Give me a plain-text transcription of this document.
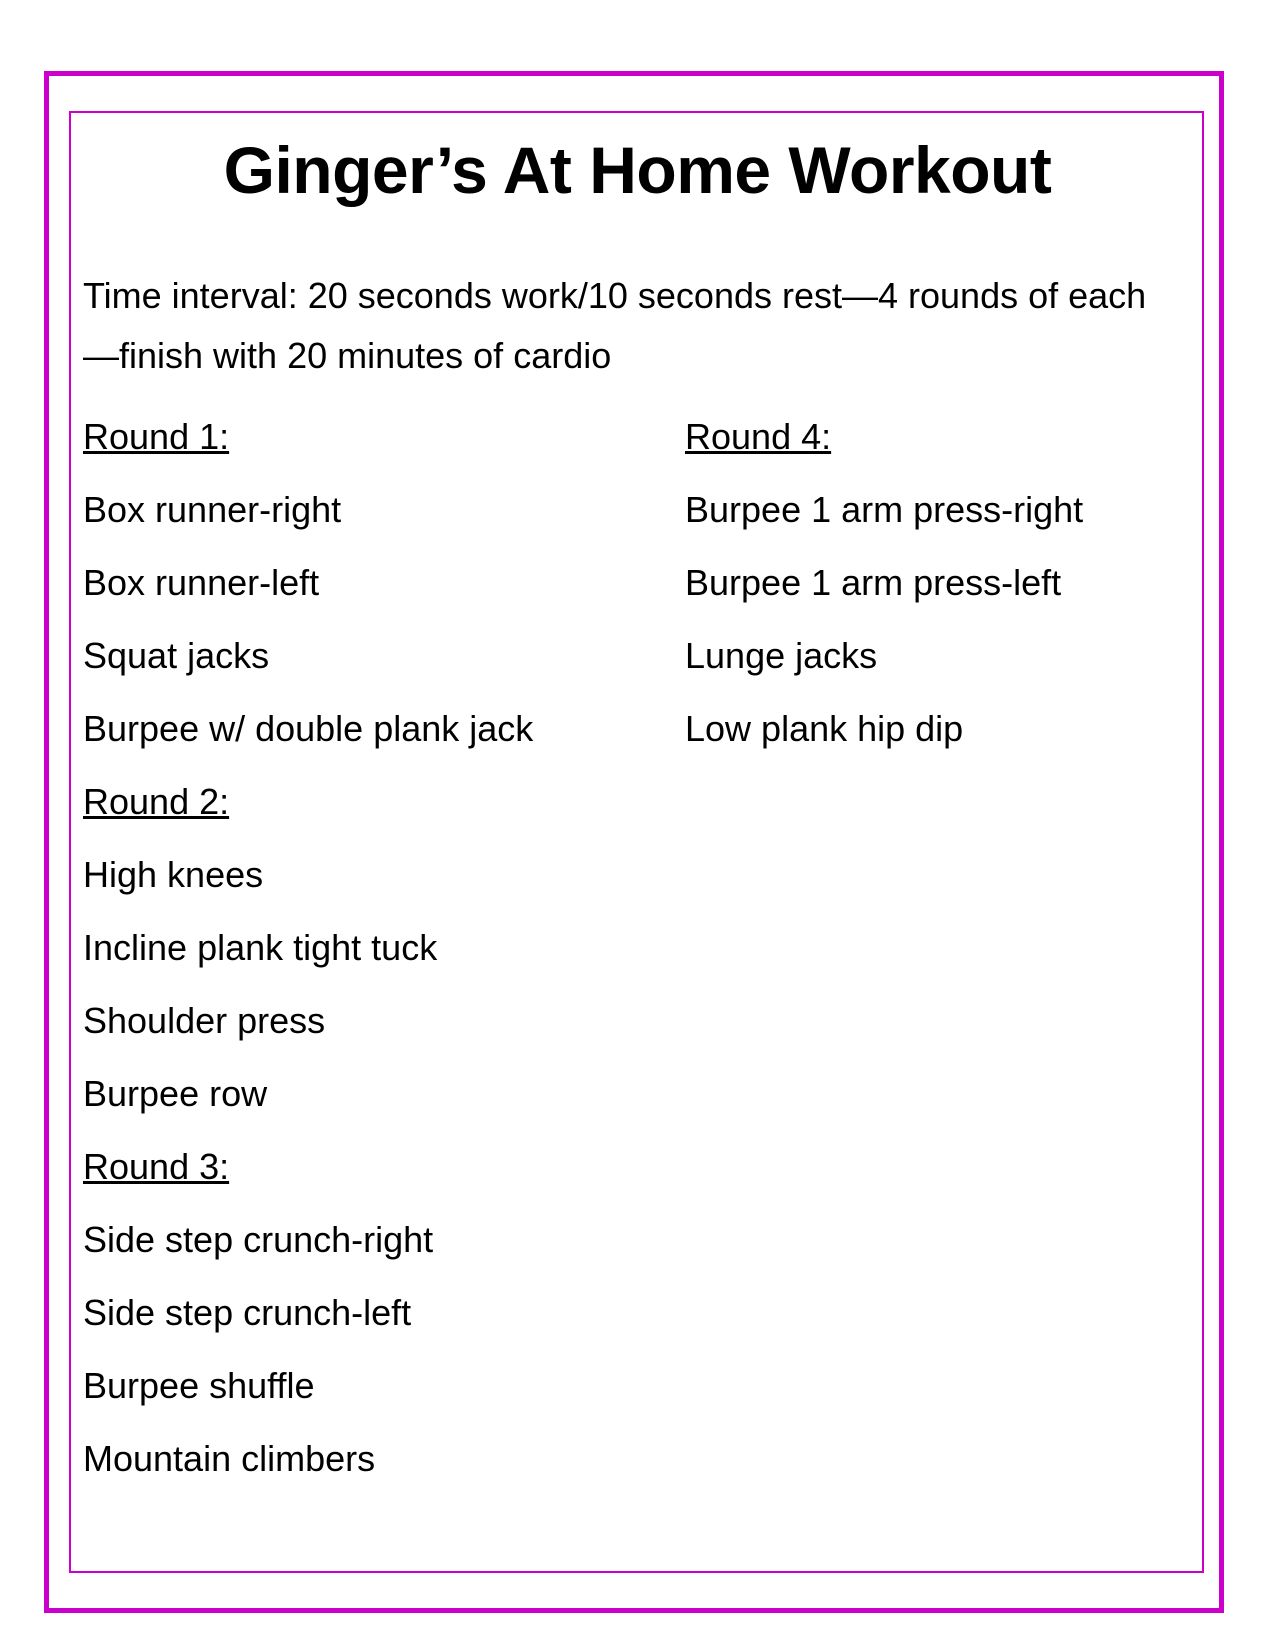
Ginger’s At Home Workout

Time interval: 20 seconds work/10 seconds rest—4 rounds of each—finish with 20 minutes of cardio

Round 1:
Box runner-right
Box runner-left
Squat jacks
Burpee w/ double plank jack
Round 2:
High knees
Incline plank tight tuck
Shoulder press
Burpee row
Round 3:
Side step crunch-right
Side step crunch-left
Burpee shuffle
Mountain climbers
Round 4:
Burpee 1 arm press-right
Burpee 1 arm press-left
Lunge jacks
Low plank hip dip
